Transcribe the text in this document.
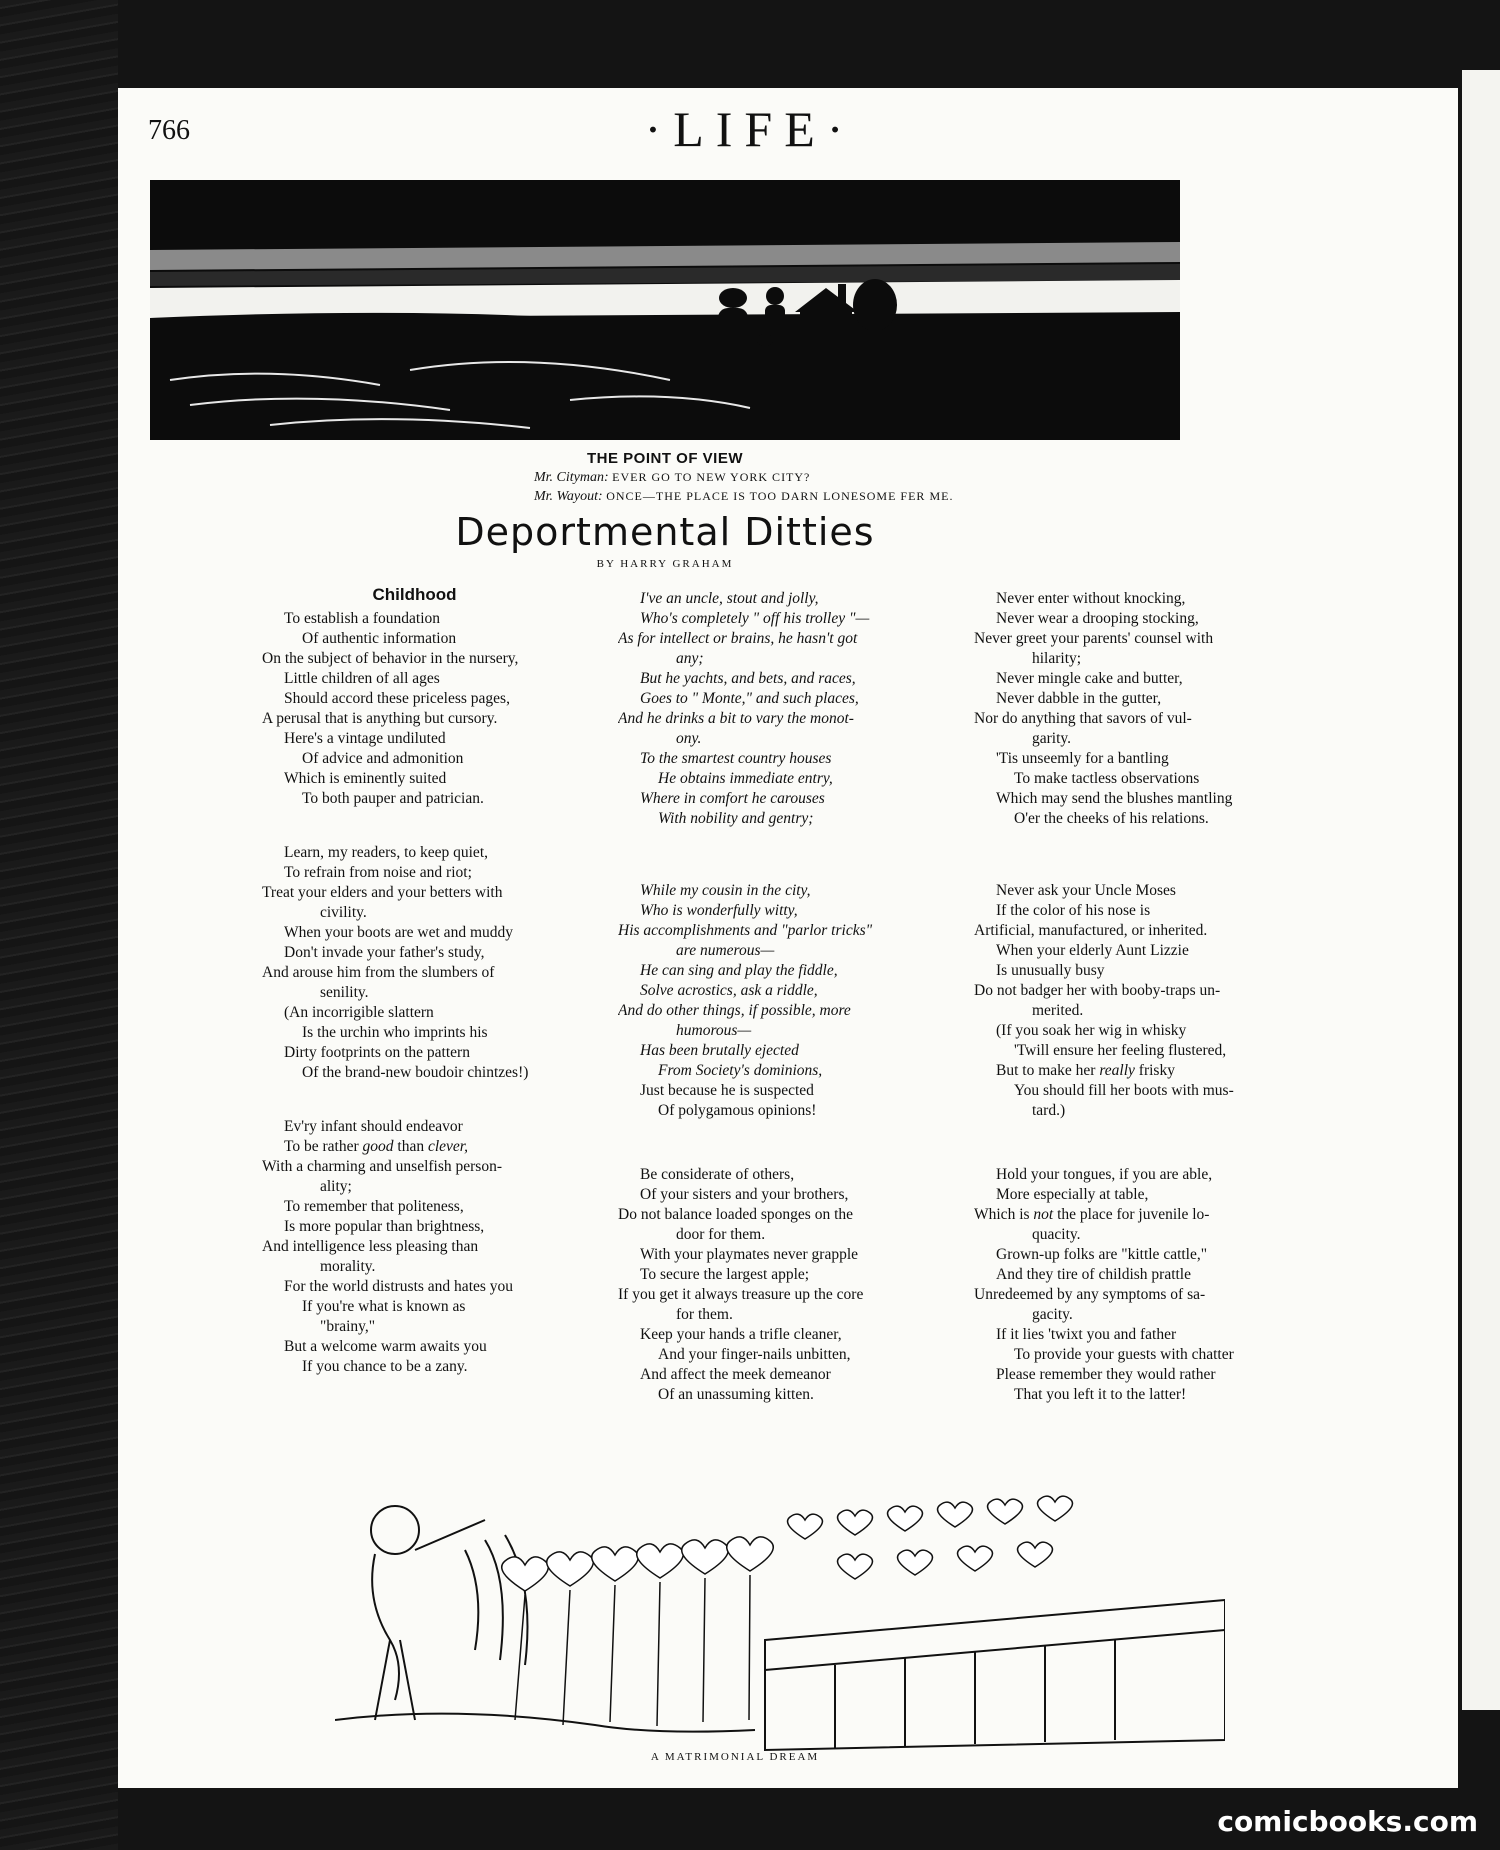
766	·LIFE·
THE POINT OF VIEW
Mr. Cityman: EVER GO TO NEW YORK CITY?
Mr. Wayout: ONCE—THE PLACE IS TOO DARN LONESOME FER ME.
Deportmental Ditties
BY HARRY GRAHAM
Childhood
To establish a foundation
Of authentic information
On the subject of behavior in the nursery,
Little children of all ages
Should accord these priceless pages,
A perusal that is anything but cursory.
Here's a vintage undiluted
Of advice and admonition
Which is eminently suited
To both pauper and patrician.
Learn, my readers, to keep quiet,
To refrain from noise and riot;
Treat your elders and your betters with
civility.
When your boots are wet and muddy
Don't invade your father's study,
And arouse him from the slumbers of
senility.
(An incorrigible slattern
Is the urchin who imprints his
Dirty footprints on the pattern
Of the brand-new boudoir chintzes!)
Ev'ry infant should endeavor
To be rather good than clever,
With a charming and unselfish person-
ality;
To remember that politeness,
Is more popular than brightness,
And intelligence less pleasing than
morality.
For the world distrusts and hates you
If you're what is known as
"brainy,"
But a welcome warm awaits you
If you chance to be a zany.
I've an uncle, stout and jolly,
Who's completely " off his trolley "—
As for intellect or brains, he hasn't got
any;
But he yachts, and bets, and races,
Goes to " Monte," and such places,
And he drinks a bit to vary the monot-
ony.
To the smartest country houses
He obtains immediate entry,
Where in comfort he carouses
With nobility and gentry;
While my cousin in the city,
Who is wonderfully witty,
His accomplishments and "parlor tricks"
are numerous—
He can sing and play the fiddle,
Solve acrostics, ask a riddle,
And do other things, if possible, more
humorous—
Has been brutally ejected
From Society's dominions,
Just because he is suspected
Of polygamous opinions!
Be considerate of others,
Of your sisters and your brothers,
Do not balance loaded sponges on the
door for them.
With your playmates never grapple
To secure the largest apple;
If you get it always treasure up the core
for them.
Keep your hands a trifle cleaner,
And your finger-nails unbitten,
And affect the meek demeanor
Of an unassuming kitten.
Never enter without knocking,
Never wear a drooping stocking,
Never greet your parents' counsel with
hilarity;
Never mingle cake and butter,
Never dabble in the gutter,
Nor do anything that savors of vul-
garity.
'Tis unseemly for a bantling
To make tactless observations
Which may send the blushes mantling
O'er the cheeks of his relations.
Never ask your Uncle Moses
If the color of his nose is
Artificial, manufactured, or inherited.
When your elderly Aunt Lizzie
Is unusually busy
Do not badger her with booby-traps un-
merited.
(If you soak her wig in whisky
'Twill ensure her feeling flustered,
But to make her really frisky
You should fill her boots with mus-
tard.)
Hold your tongues, if you are able,
More especially at table,
Which is not the place for juvenile lo-
quacity.
Grown-up folks are "kittle cattle,"
And they tire of childish prattle
Unredeemed by any symptoms of sa-
gacity.
If it lies 'twixt you and father
To provide your guests with chatter
Please remember they would rather
That you left it to the latter!
A MATRIMONIAL DREAM
comicbooks.com
